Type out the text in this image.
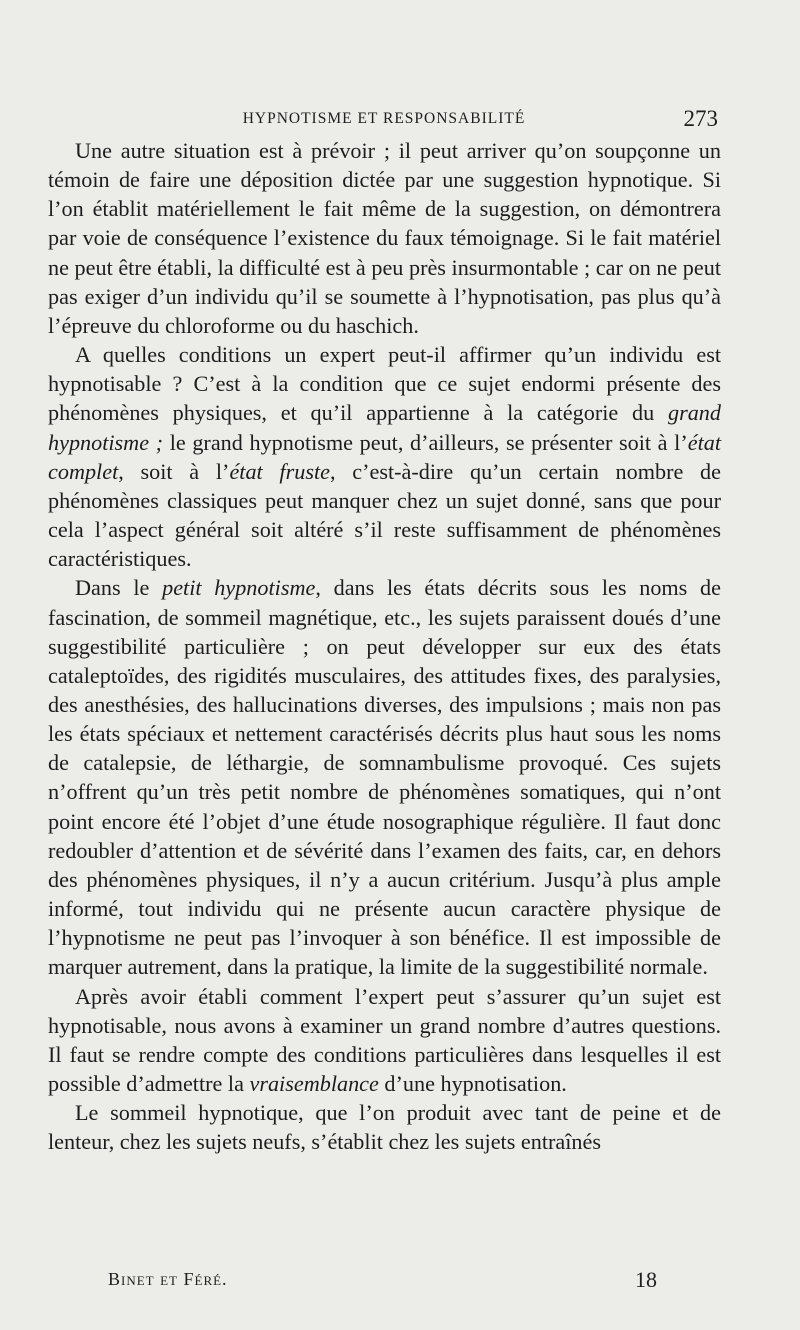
HYPNOTISME ET RESPONSABILITÉ	273

Une autre situation est à prévoir ; il peut arriver qu’on soupçonne un témoin de faire une déposition dictée par une suggestion hypnotique. Si l’on établit matériellement le fait même de la suggestion, on démontrera par voie de conséquence l’existence du faux témoignage. Si le fait matériel ne peut être établi, la difficulté est à peu près insurmontable ; car on ne peut pas exiger d’un individu qu’il se soumette à l’hypnotisation, pas plus qu’à l’épreuve du chloroforme ou du haschich.

A quelles conditions un expert peut-il affirmer qu’un individu est hypnotisable ? C’est à la condition que ce sujet endormi présente des phénomènes physiques, et qu’il appartienne à la catégorie du grand hypnotisme ; le grand hypnotisme peut, d’ailleurs, se présenter soit à l’état complet, soit à l’état fruste, c’est-à-dire qu’un certain nombre de phénomènes classiques peut manquer chez un sujet donné, sans que pour cela l’aspect général soit altéré s’il reste suffisamment de phénomènes caractéristiques.

Dans le petit hypnotisme, dans les états décrits sous les noms de fascination, de sommeil magnétique, etc., les sujets paraissent doués d’une suggestibilité particulière ; on peut développer sur eux des états cataleptoïdes, des rigidités musculaires, des attitudes fixes, des paralysies, des anesthésies, des hallucinations diverses, des impulsions ; mais non pas les états spéciaux et nettement caractérisés décrits plus haut sous les noms de catalepsie, de léthargie, de somnambulisme provoqué. Ces sujets n’offrent qu’un très petit nombre de phénomènes somatiques, qui n’ont point encore été l’objet d’une étude nosographique régulière. Il faut donc redoubler d’attention et de sévérité dans l’examen des faits, car, en dehors des phénomènes physiques, il n’y a aucun critérium. Jusqu’à plus ample informé, tout individu qui ne présente aucun caractère physique de l’hypnotisme ne peut pas l’invoquer à son bénéfice. Il est impossible de marquer autrement, dans la pratique, la limite de la suggestibilité normale.

Après avoir établi comment l’expert peut s’assurer qu’un sujet est hypnotisable, nous avons à examiner un grand nombre d’autres questions. Il faut se rendre compte des conditions particulières dans lesquelles il est possible d’admettre la vraisemblance d’une hypnotisation.

Le sommeil hypnotique, que l’on produit avec tant de peine et de lenteur, chez les sujets neufs, s’établit chez les sujets entraînés

Binet et Féré.	18
